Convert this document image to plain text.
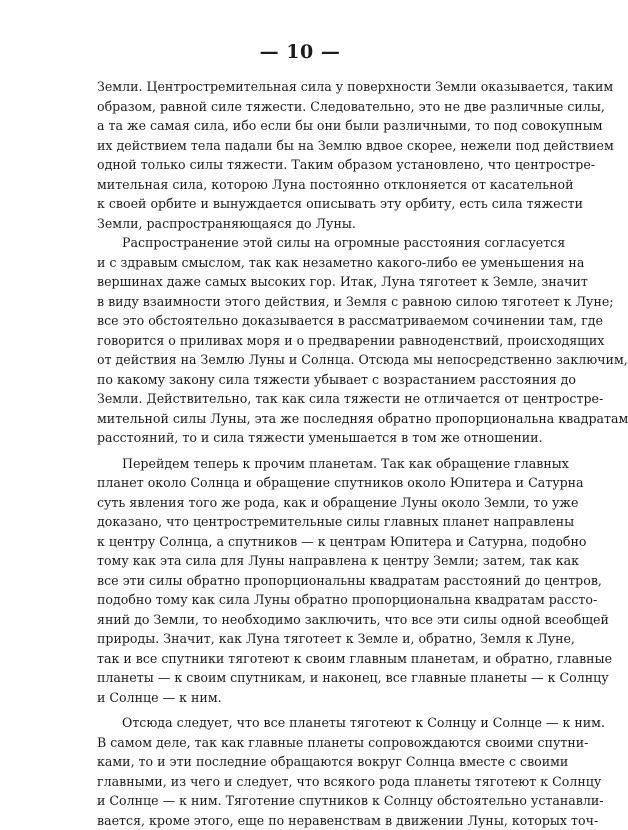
— 10 —
Земли. Центростремительная сила у поверхности Земли оказывается, таким
образом, равной силе тяжести. Следовательно, это не две различные силы,
а та же самая сила, ибо если бы они были различными, то под совокупным
их действием тела падали бы на Землю вдвое скорее, нежели под действием
одной только силы тяжести. Таким образом установлено, что центростре-
мительная сила, которою Луна постоянно отклоняется от касательной
к своей орбите и вынуждается описывать эту орбиту, есть сила тяжести
Земли, распространяющаяся до Луны.
Распространение этой силы на огромные расстояния согласуется
и с здравым смыслом, так как незаметно какого-либо ее уменьшения на
вершинах даже самых высоких гор. Итак, Луна тяготеет к Земле, значит
в виду взаимности этого действия, и Земля с равною силою тяготеет к Луне;
все это обстоятельно доказывается в рассматриваемом сочинении там, где
говорится о приливах моря и о предварении равноденствий, происходящих
от действия на Землю Луны и Солнца. Отсюда мы непосредственно заключим,
по какому закону сила тяжести убывает с возрастанием расстояния до
Земли. Действительно, так как сила тяжести не отличается от центростре-
мительной силы Луны, эта же последняя обратно пропорциональна квадратам
расстояний, то и сила тяжести уменьшается в том же отношении.
Перейдем теперь к прочим планетам. Так как обращение главных
планет около Солнца и обращение спутников около Юпитера и Сатурна
суть явления того же рода, как и обращение Луны около Земли, то уже
доказано, что центростремительные силы главных планет направлены
к центру Солнца, а спутников — к центрам Юпитера и Сатурна, подобно
тому как эта сила для Луны направлена к центру Земли; затем, так как
все эти силы обратно пропорциональны квадратам расстояний до центров,
подобно тому как сила Луны обратно пропорциональна квадратам рассто-
яний до Земли, то необходимо заключить, что все эти силы одной всеобщей
природы. Значит, как Луна тяготеет к Земле и, обратно, Земля к Луне,
так и все спутники тяготеют к своим главным планетам, и обратно, главные
планеты — к своим спутникам, и наконец, все главные планеты — к Солнцу
и Солнце — к ним.
Отсюда следует, что все планеты тяготеют к Солнцу и Солнце — к ним.
В самом деле, так как главные планеты сопровождаются своими спутни-
ками, то и эти последние обращаются вокруг Солнца вместе с своими
главными, из чего и следует, что всякого рода планеты тяготеют к Солнцу
и Солнце — к ним. Тяготение спутников к Солнцу обстоятельно устанавли-
вается, кроме этого, еще по неравенствам в движении Луны, которых точ-
